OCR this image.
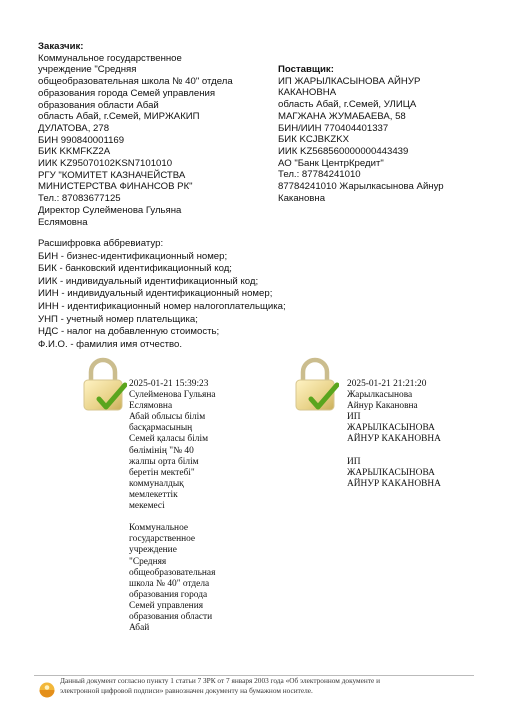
Заказчик:
Коммунальное государственное
учреждение "Средняя
общеобразовательная школа № 40" отдела
образования города Семей управления
образования области Абай
область Абай, г.Семей, МИРЖАКИП
ДУЛАТОВА, 278
БИН 990840001169
БИК KKMFKZ2A
ИИК KZ95070102KSN7101010
РГУ "КОМИТЕТ КАЗНАЧЕЙСТВА
МИНИСТЕРСТВА ФИНАНСОВ РК"
Тел.: 87083677125
Директор Сулейменова Гульяна
Еслямовна
Поставщик:
ИП ЖАРЫЛКАСЫНОВА АЙНУР
КАКАНОВНА
область Абай, г.Семей, УЛИЦА
МАГЖАНА ЖУМАБАЕВА, 58
БИН/ИИН 770404401337
БИК KCJBKZKX
ИИК KZ568560000000443439
АО "Банк ЦентрКредит"
Тел.: 87784241010
87784241010 Жарылкасынова Айнур
Какановна
Расшифровка аббревиатур:
БИН - бизнес-идентификационный номер;
БИК - банковский идентификационный код;
ИИК - индивидуальный идентификационный код;
ИИН - индивидуальный идентификационный номер;
ИНН - идентификационный номер налогоплательщика;
УНП - учетный номер плательщика;
НДС - налог на добавленную стоимость;
Ф.И.О. - фамилия имя отчество.
2025-01-21 15:39:23
Сулейменова Гульяна
Еслямовна
Абай облысы білім
басқармасының
Семей қаласы білім
бөлімінің "№ 40
жалпы орта білім
беретін мектебі"
коммуналдық
мемлекеттік
мекемесі
Коммунальное
государственное
учреждение
"Средняя
общеобразовательная
школа № 40" отдела
образования города
Семей управления
образования области
Абай
2025-01-21 21:21:20
Жарылкасынова
Айнур Какановна
ИП
ЖАРЫЛКАСЫНОВА
АЙНУР КАКАНОВНА
ИП
ЖАРЫЛКАСЫНОВА
АЙНУР КАКАНОВНА
Данный документ согласно пункту 1 статьи 7 ЗРК от 7 января 2003 года «Об электронном документе и
электронной цифровой подписи» равнозначен документу на бумажном носителе.
